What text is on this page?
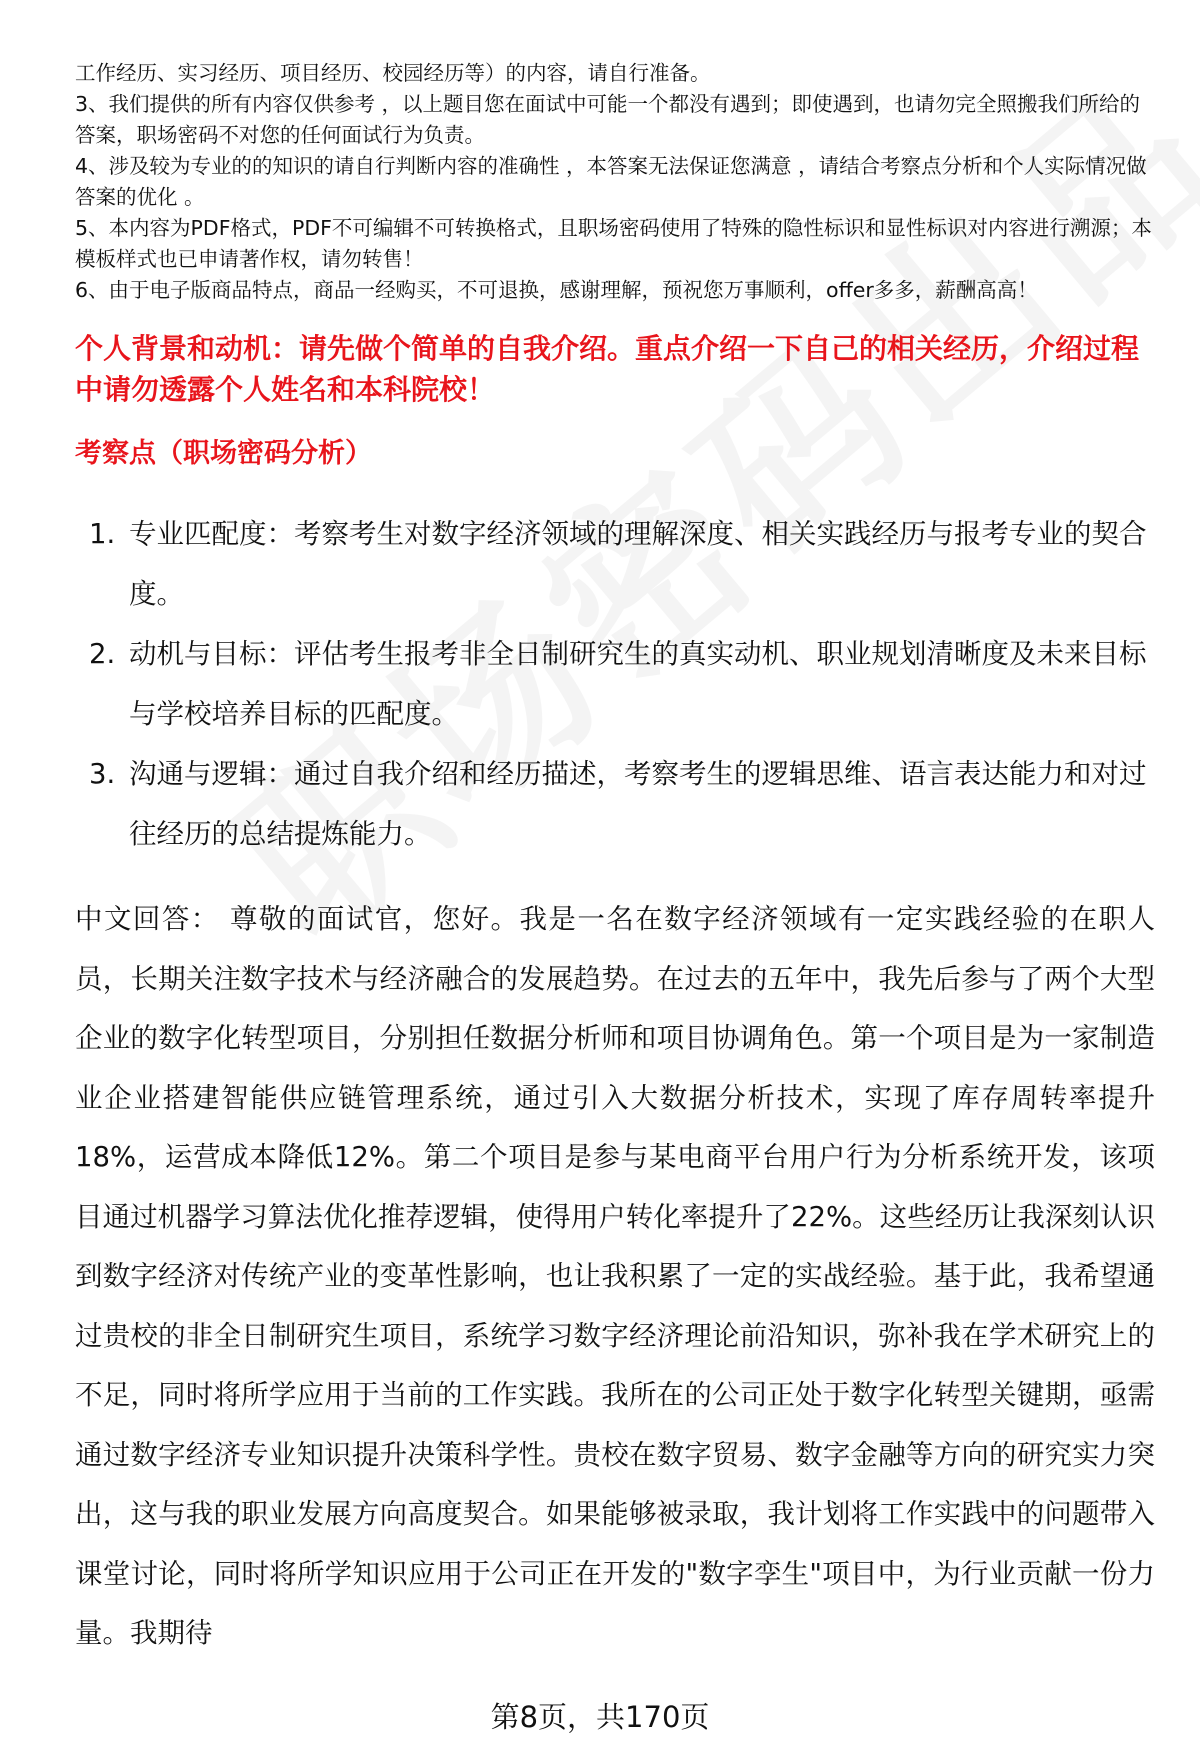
工作经历、实习经历、项目经历、校园经历等）的内容，请自行准备。

3、我们提供的所有内容仅供参考 ，以上题目您在面试中可能一个都没有遇到；即使遇到，也请勿完全照搬我们所给的答案，职场密码不对您的任何面试行为负责。

4、涉及较为专业的的知识的请自行判断内容的准确性 ，本答案无法保证您满意 ，请结合考察点分析和个人实际情况做答案的优化 。

5、本内容为PDF格式，PDF不可编辑不可转换格式，且职场密码使用了特殊的隐性标识和显性标识对内容进行溯源；本模板样式也已申请著作权，请勿转售！

6、由于电子版商品特点，商品一经购买，不可退换，感谢理解，预祝您万事顺利，offer多多，薪酬高高！

个人背景和动机：请先做个简单的自我介绍。重点介绍一下自己的相关经历，介绍过程中请勿透露个人姓名和本科院校！
考察点（职场密码分析）
1. 专业匹配度：考察考生对数字经济领域的理解深度、相关实践经历与报考专业的契合度。
2. 动机与目标：评估考生报考非全日制研究生的真实动机、职业规划清晰度及未来目标与学校培养目标的匹配度。
3. 沟通与逻辑：通过自我介绍和经历描述，考察考生的逻辑思维、语言表达能力和对过往经历的总结提炼能力。

中文回答： 尊敬的面试官，您好。我是一名在数字经济领域有一定实践经验的在职人员，长期关注数字技术与经济融合的发展趋势。在过去的五年中，我先后参与了两个大型企业的数字化转型项目，分别担任数据分析师和项目协调角色。第一个项目是为一家制造业企业搭建智能供应链管理系统，通过引入大数据分析技术，实现了库存周转率提升18%，运营成本降低12%。第二个项目是参与某电商平台用户行为分析系统开发，该项目通过机器学习算法优化推荐逻辑，使得用户转化率提升了22%。这些经历让我深刻认识到数字经济对传统产业的变革性影响，也让我积累了一定的实战经验。基于此，我希望通过贵校的非全日制研究生项目，系统学习数字经济理论前沿知识，弥补我在学术研究上的不足，同时将所学应用于当前的工作实践。我所在的公司正处于数字化转型关键期，亟需通过数字经济专业知识提升决策科学性。贵校在数字贸易、数字金融等方向的研究实力突出，这与我的职业发展方向高度契合。如果能够被录取，我计划将工作实践中的问题带入课堂讨论，同时将所学知识应用于公司正在开发的"数字孪生"项目中，为行业贡献一份力量。我期待

第8页，共170页
